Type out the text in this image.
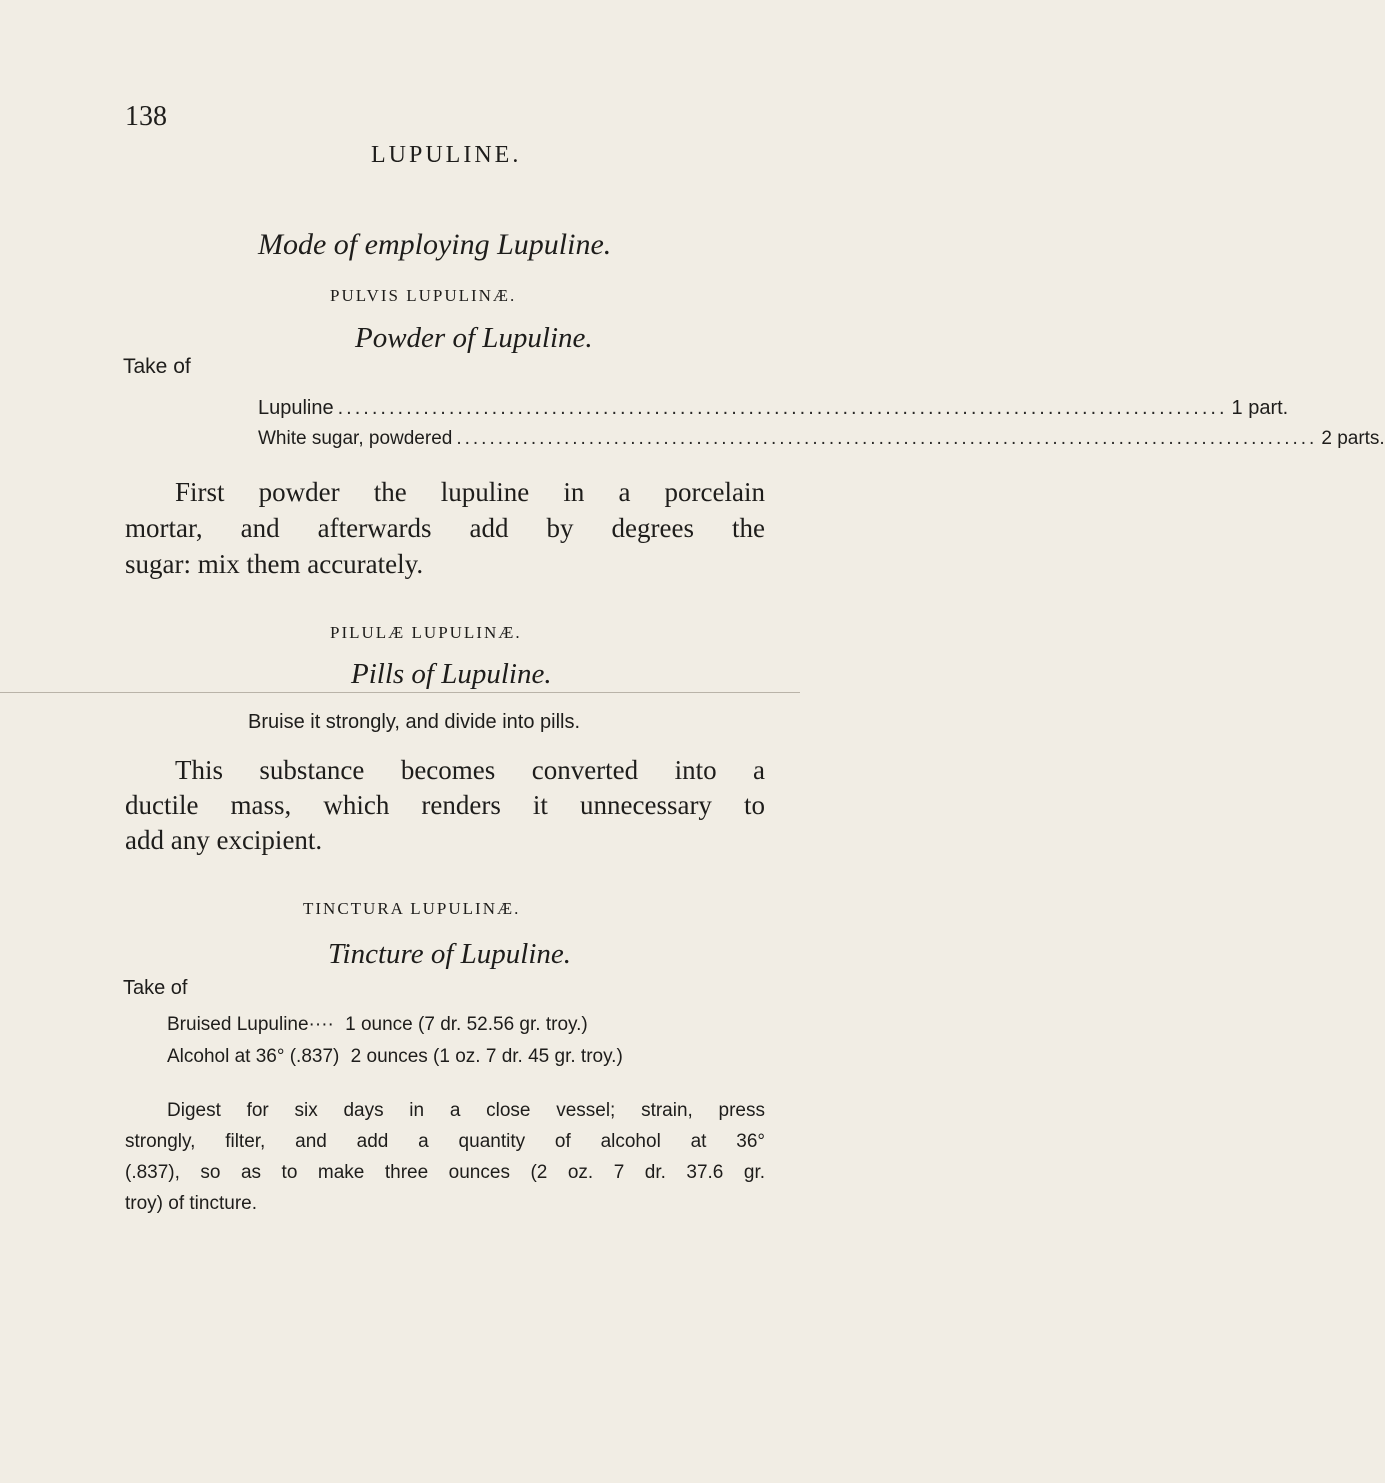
138
LUPULINE.
Mode of employing Lupuline.
PULVIS LUPULINÆ.
Powder of Lupuline.
Take of
Lupuline ........................................................................................................ 1 part.
White sugar, powdered ........................................................................................................ 2 parts.
First powder the lupuline in a porcelain
mortar, and afterwards add by degrees the
sugar: mix them accurately.
PILULÆ LUPULINÆ.
Pills of Lupuline.
Bruise it strongly, and divide into pills.
This substance becomes converted into a
ductile mass, which renders it unnecessary to
add any excipient.
TINCTURA LUPULINÆ.
Tincture of Lupuline.
Take of
Bruised Lupuline···· 1 ounce (7 dr. 52.56 gr. troy.)
Alcohol at 36° (.837) 2 ounces (1 oz. 7 dr. 45 gr. troy.)
Digest for six days in a close vessel; strain, press
strongly, filter, and add a quantity of alcohol at 36°
(.837), so as to make three ounces (2 oz. 7 dr. 37.6 gr.
troy) of tincture.
